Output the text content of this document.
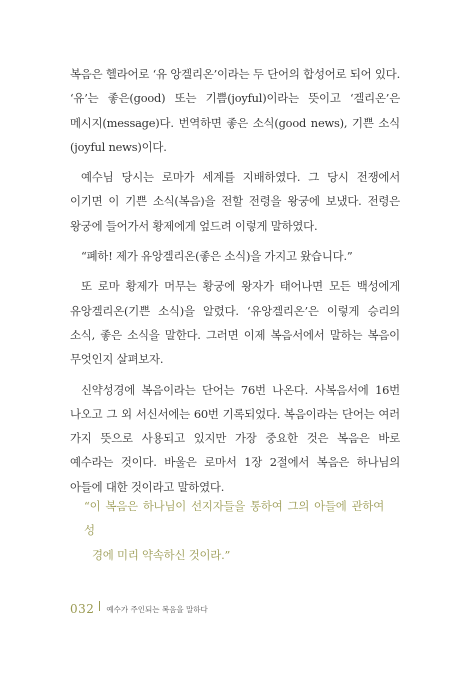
복음은 헬라어로 ‘유 앙겔리온’이라는 두 단어의 합성어로 되어 있다. ‘유’는 좋은(good) 또는 기쁨(joyful)이라는 뜻이고 ‘겔리온’은 메시지(message)다. 번역하면 좋은 소식(good news), 기쁜 소식(joyful news)이다.

예수님 당시는 로마가 세계를 지배하였다. 그 당시 전쟁에서 이기면 이 기쁜 소식(복음)을 전할 전령을 왕궁에 보냈다. 전령은 왕궁에 들어가서 황제에게 엎드려 이렇게 말하였다.

“폐하! 제가 유앙겔리온(좋은 소식)을 가지고 왔습니다.”

또 로마 황제가 머무는 황궁에 왕자가 태어나면 모든 백성에게 유앙겔리온(기쁜 소식)을 알렸다. ‘유앙겔리온’은 이렇게 승리의 소식, 좋은 소식을 말한다. 그러면 이제 복음서에서 말하는 복음이 무엇인지 살펴보자.

신약성경에 복음이라는 단어는 76번 나온다. 사복음서에 16번 나오고 그 외 서신서에는 60번 기록되었다. 복음이라는 단어는 여러 가지 뜻으로 사용되고 있지만 가장 중요한 것은 복음은 바로 예수라는 것이다. 바울은 로마서 1장 2절에서 복음은 하나님의 아들에 대한 것이라고 말하였다.

“이 복음은 하나님이 선지자들을 통하여 그의 아들에 관하여 성
경에 미리 약속하신 것이라.”
032 예수가 주인되는 복음을 말하다
